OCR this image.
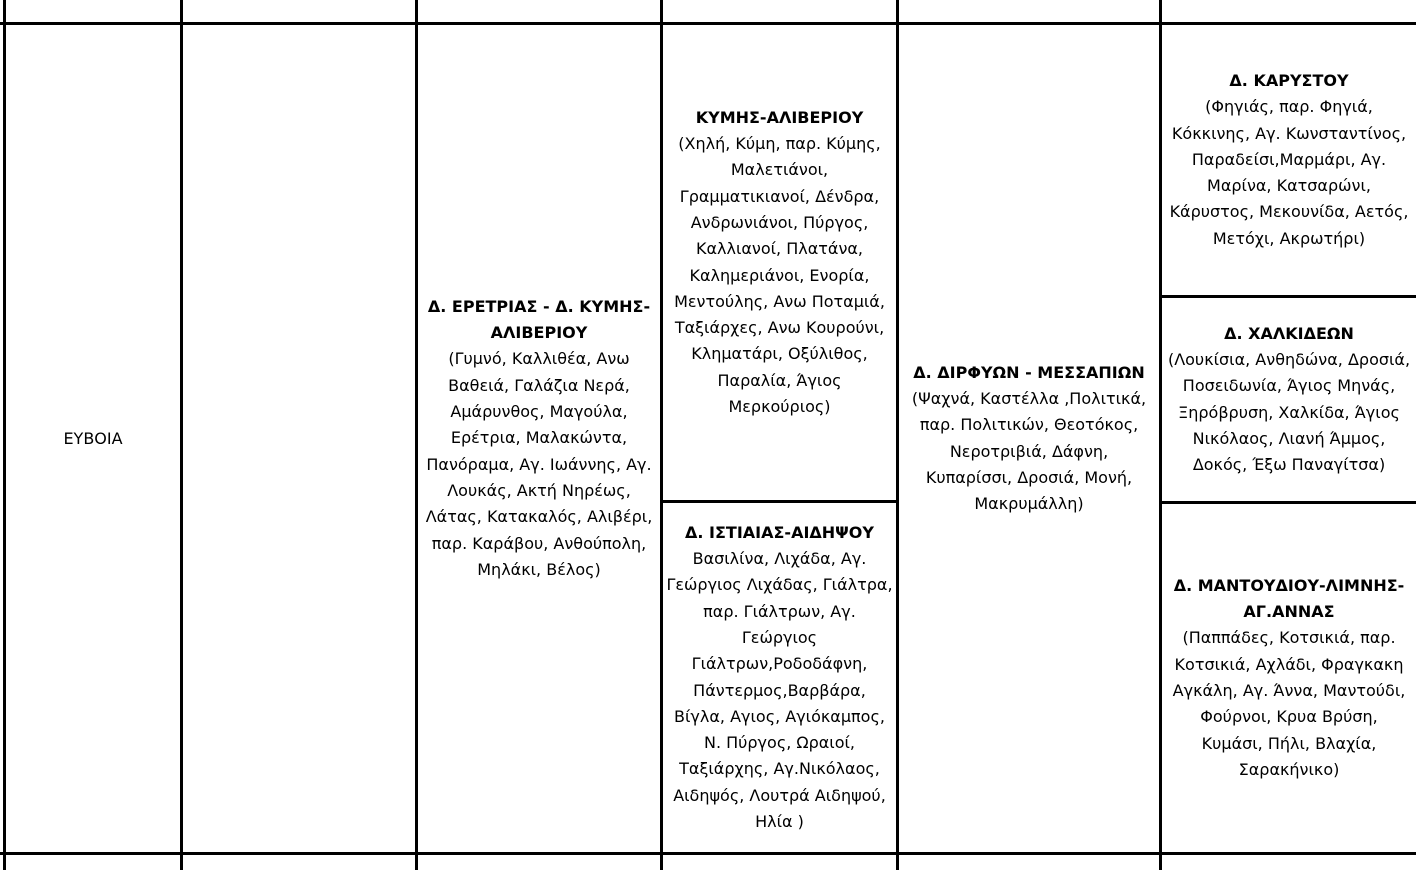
ΕΥΒΟΙΑ
Δ. ΕΡΕΤΡΙΑΣ - Δ. ΚΥΜΗΣ-
ΑΛΙΒΕΡΙΟΥ
(Γυμνό, Καλλιθέα, Ανω
Βαθειά, Γαλάζια Νερά,
Αμάρυνθος, Μαγούλα,
Ερέτρια, Μαλακώντα,
Πανόραμα, Αγ. Ιωάννης, Αγ.
Λουκάς, Ακτή Νηρέως,
Λάτας, Κατακαλός, Αλιβέρι,
παρ. Καράβου, Ανθούπολη,
Μηλάκι, Βέλος)
ΚΥΜΗΣ-ΑΛΙΒΕΡΙΟΥ
(Χηλή, Κύμη, παρ. Κύμης,
Μαλετιάνοι,
Γραμματικιανοί, Δένδρα,
Ανδρωνιάνοι, Πύργος,
Καλλιανοί, Πλατάνα,
Καλημεριάνοι, Ενορία,
Μεντούλης, Ανω Ποταμιά,
Ταξιάρχες, Ανω Κουρούνι,
Κληματάρι, Οξύλιθος,
Παραλία, Άγιος
Μερκούριος)
Δ. ΙΣΤΙΑΙΑΣ-ΑΙΔΗΨΟΥ
Βασιλίνα, Λιχάδα, Αγ.
Γεώργιος Λιχάδας, Γιάλτρα,
παρ. Γιάλτρων, Αγ.
Γεώργιος
Γιάλτρων,Ροδοδάφνη,
Πάντερμος,Βαρβάρα,
Βίγλα, Αγιος, Αγιόκαμπος,
Ν. Πύργος, Ωραιοί,
Ταξιάρχης, Αγ.Νικόλαος,
Αιδηψός, Λουτρά Αιδηψού,
Ηλία )
Δ. ΔΙΡΦΥΩΝ - ΜΕΣΣΑΠΙΩΝ
(Ψαχνά, Καστέλλα ,Πολιτικά,
παρ. Πολιτικών, Θεοτόκος,
Νεροτριβιά, Δάφνη,
Κυπαρίσσι, Δροσιά, Μονή,
Μακρυμάλλη)
Δ. ΚΑΡΥΣΤΟΥ
(Φηγιάς, παρ. Φηγιά,
Κόκκινης, Αγ. Κωνσταντίνος,
Παραδείσι,Μαρμάρι, Αγ.
Μαρίνα, Κατσαρώνι,
Κάρυστος, Μεκουνίδα, Αετός,
Μετόχι, Ακρωτήρι)
Δ. ΧΑΛΚΙΔΕΩΝ
(Λουκίσια, Ανθηδώνα, Δροσιά,
Ποσειδωνία, Άγιος Μηνάς,
Ξηρόβρυση, Χαλκίδα, Άγιος
Νικόλαος, Λιανή Άμμος,
Δοκός, Έξω Παναγίτσα)
Δ. ΜΑΝΤΟΥΔΙΟΥ-ΛΙΜΝΗΣ-
ΑΓ.ΑΝΝΑΣ
(Παππάδες, Κοτσικιά, παρ.
Κοτσικιά, Αχλάδι, Φραγκακη
Αγκάλη, Αγ. Άννα, Μαντούδι,
Φούρνοι, Κρυα Βρύση,
Κυμάσι, Πήλι, Βλαχία,
Σαρακήνικο)
